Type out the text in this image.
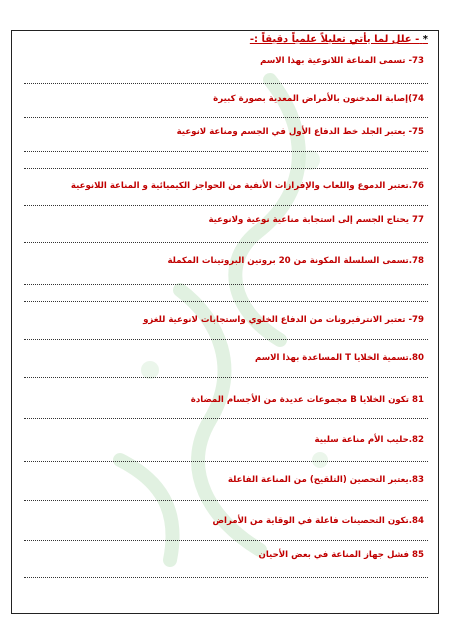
* - علل لما يأتي تعليلاً علمياً دقيقاً :-
73- تسمى المناعة اللانوعية بهذا الاسم
74)إصابة المدخنون بالأمراض المعدية بصورة كبيرة
75- يعتبر الجلد خط الدفاع الأول في الجسم ومناعة لانوعية
76.تعتبر الدموع واللعاب والإفرازات الأنفية من الحواجز الكيميائية و المناعة اللانوعية
77 يحتاج الجسم إلى استجابة مناعية نوعية ولانوعية
78.تسمى السلسلة المكونة من 20 بروتين البروتينات المكملة
79- تعتبر الانترفيرونات من الدفاع الخلوي واستجابات لانوعية للغزو
80.تسمية الخلايا T المساعدة بهذا الاسم
81 تكون الخلايا B مجموعات عديدة من الأجسام المضادة
82.حليب الأم مناعة سلبية
83.يعتبر التحصين (التلقيح) من المناعة الفاعلة
84.تكون التحصينات فاعلة في الوقاية من الأمراض
85 فشل جهاز المناعة في بعض الأحيان
